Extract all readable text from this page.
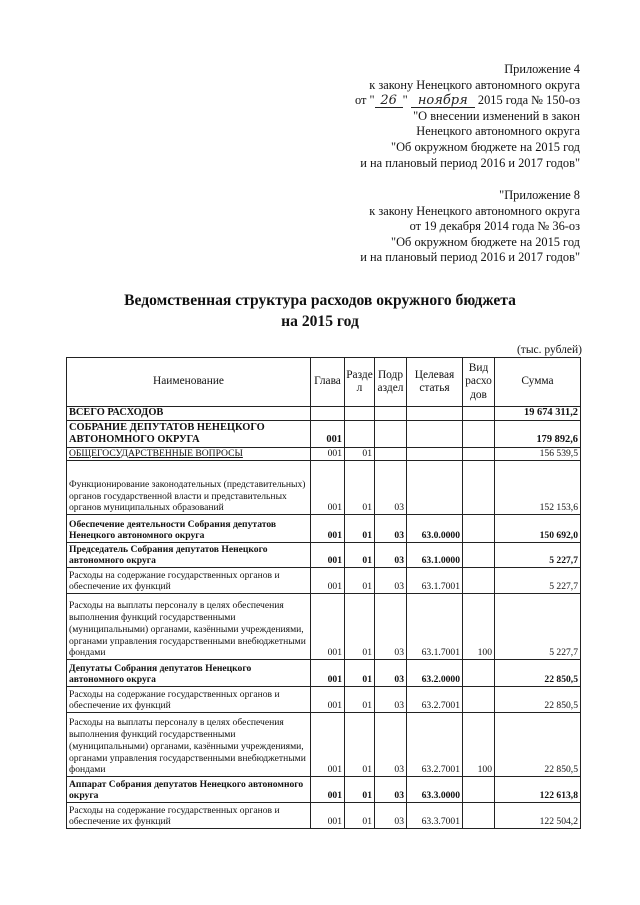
Приложение 4
к закону Ненецкого автономного округа
от " 26 " ноября 2015 года № 150-оз
"О внесении изменений в закон
Ненецкого автономного округа
"Об окружном бюджете на 2015 год
и на плановый период 2016 и 2017 годов"
"Приложение 8
к закону Ненецкого автономного округа
от 19 декабря 2014 года № 36-оз
"Об окружном бюджете на 2015 год
и на плановый период 2016 и 2017 годов"
Ведомственная структура расходов окружного бюджета
на 2015 год
(тыс. рублей)
Наименование	Глава	Разде л	Подр аздел	Целевая статья	Вид расхо дов	Сумма
ВСЕГО РАСХОДОВ						19 674 311,2
СОБРАНИЕ ДЕПУТАТОВ НЕНЕЦКОГО АВТОНОМНОГО ОКРУГА	001					179 892,6
ОБЩЕГОСУДАРСТВЕННЫЕ ВОПРОСЫ	001	01				156 539,5
Функционирование законодательных (представительных) органов государственной власти и представительных органов муниципальных образований	001	01	03			152 153,6
Обеспечение деятельности Собрания депутатов Ненецкого автономного округа	001	01	03	63.0.0000		150 692,0
Председатель Собрания депутатов Ненецкого автономного округа	001	01	03	63.1.0000		5 227,7
Расходы на содержание государственных органов и обеспечение их функций	001	01	03	63.1.7001		5 227,7
Расходы на выплаты персоналу в целях обеспечения выполнения функций государственными (муниципальными) органами, казёнными учреждениями, органами управления государственными внебюджетными фондами	001	01	03	63.1.7001	100	5 227,7
Депутаты Собрания депутатов Ненецкого автономного округа	001	01	03	63.2.0000		22 850,5
Расходы на содержание государственных органов и обеспечение их функций	001	01	03	63.2.7001		22 850,5
Расходы на выплаты персоналу в целях обеспечения выполнения функций государственными (муниципальными) органами, казёнными учреждениями, органами управления государственными внебюджетными фондами	001	01	03	63.2.7001	100	22 850,5
Аппарат Собрания депутатов Ненецкого автономного округа	001	01	03	63.3.0000		122 613,8
Расходы на содержание государственных органов и обеспечение их функций	001	01	03	63.3.7001		122 504,2
